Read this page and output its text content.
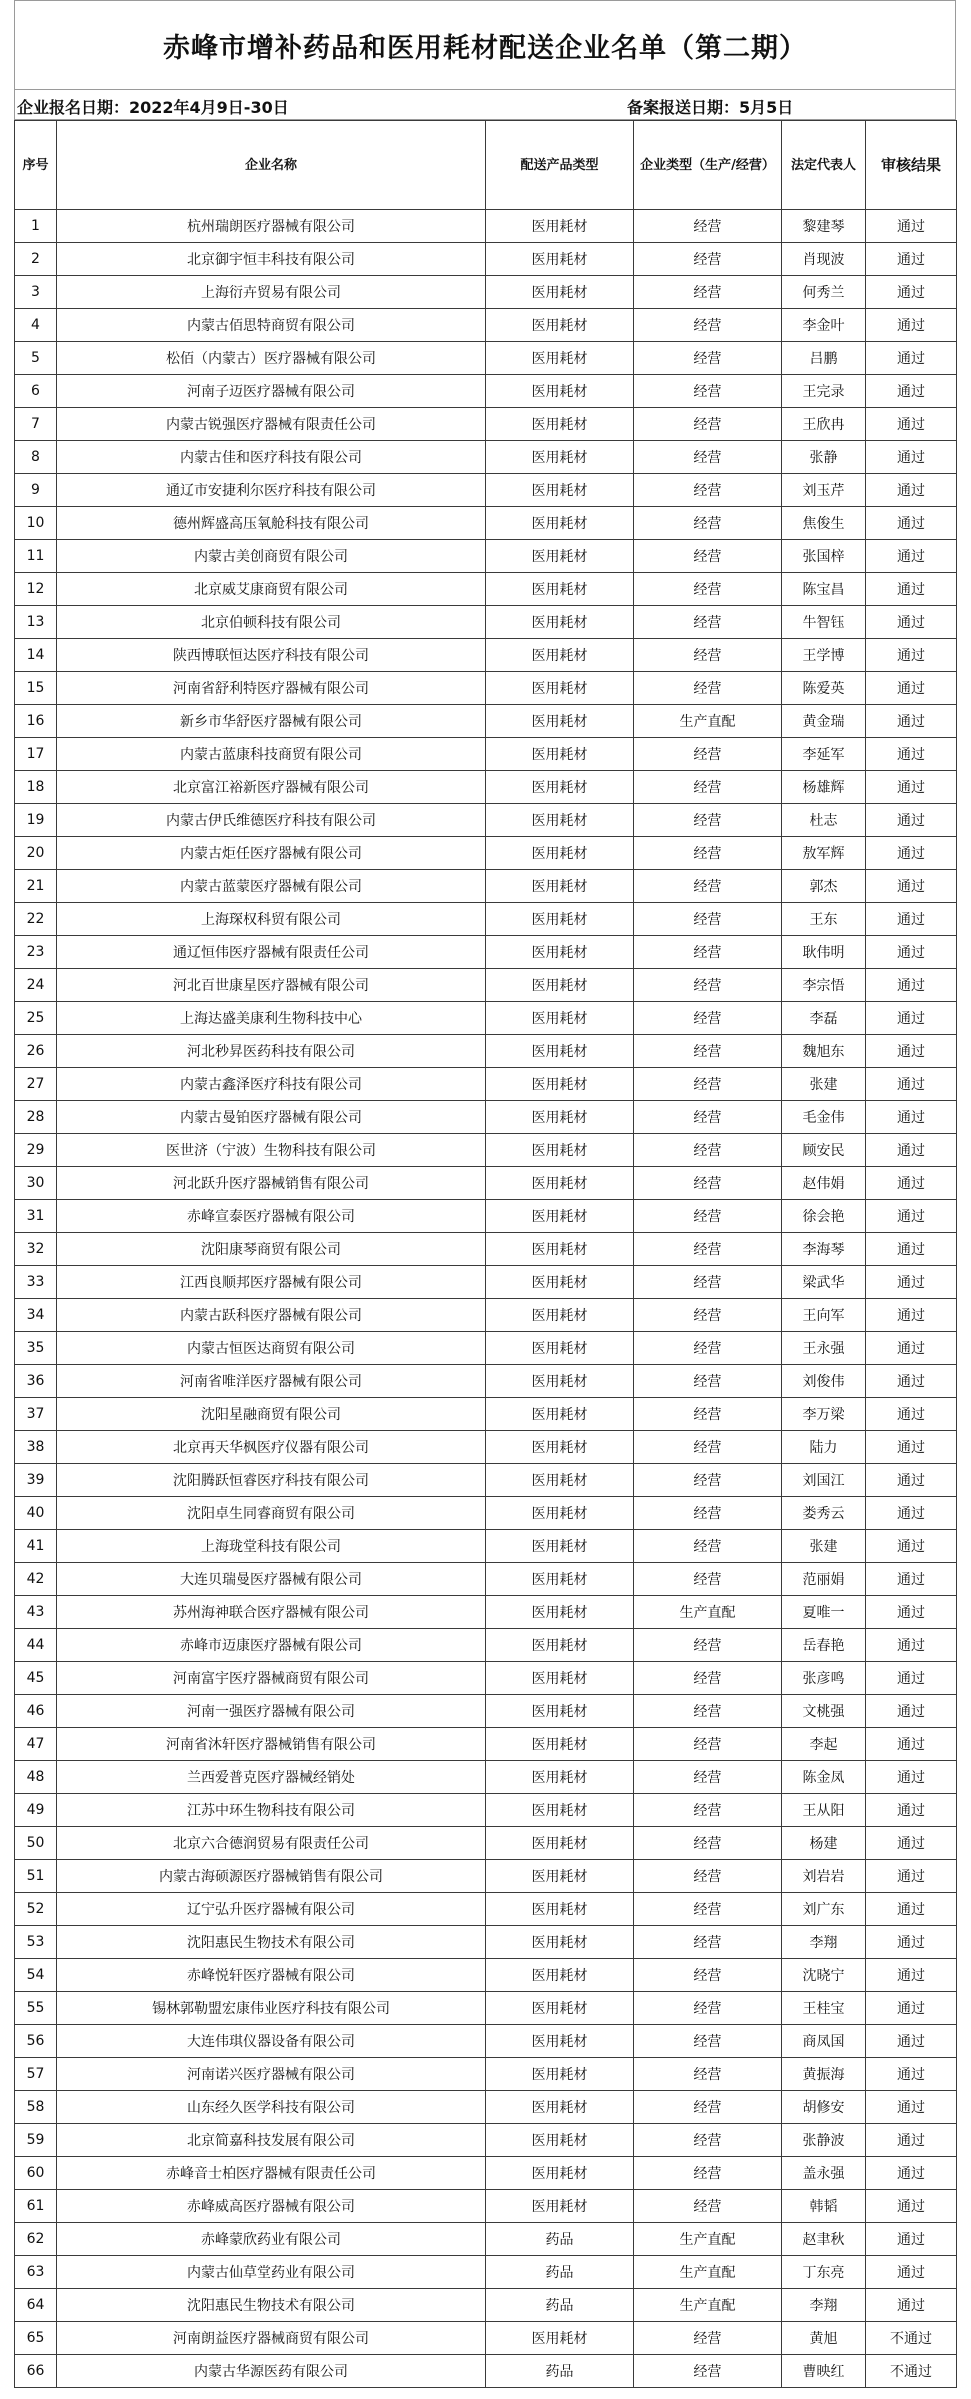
赤峰市增补药品和医用耗材配送企业名单（第二期）
企业报名日期：2022年4月9日-30日	备案报送日期：5月5日
序号	企业名称	配送产品类型	企业类型（生产/经营）	法定代表人	审核结果
1	杭州瑞朗医疗器械有限公司	医用耗材	经营	黎建琴	通过
2	北京御宇恒丰科技有限公司	医用耗材	经营	肖现波	通过
3	上海衍卉贸易有限公司	医用耗材	经营	何秀兰	通过
4	内蒙古佰思特商贸有限公司	医用耗材	经营	李金叶	通过
5	松佰（内蒙古）医疗器械有限公司	医用耗材	经营	吕鹏	通过
6	河南子迈医疗器械有限公司	医用耗材	经营	王完录	通过
7	内蒙古锐强医疗器械有限责任公司	医用耗材	经营	王欣冉	通过
8	内蒙古佳和医疗科技有限公司	医用耗材	经营	张静	通过
9	通辽市安捷利尔医疗科技有限公司	医用耗材	经营	刘玉芹	通过
10	德州辉盛高压氧舱科技有限公司	医用耗材	经营	焦俊生	通过
11	内蒙古美创商贸有限公司	医用耗材	经营	张国梓	通过
12	北京威艾康商贸有限公司	医用耗材	经营	陈宝昌	通过
13	北京伯顿科技有限公司	医用耗材	经营	牛智钰	通过
14	陕西博联恒达医疗科技有限公司	医用耗材	经营	王学博	通过
15	河南省舒利特医疗器械有限公司	医用耗材	经营	陈爱英	通过
16	新乡市华舒医疗器械有限公司	医用耗材	生产直配	黄金瑞	通过
17	内蒙古蓝康科技商贸有限公司	医用耗材	经营	李延军	通过
18	北京富江裕新医疗器械有限公司	医用耗材	经营	杨雄辉	通过
19	内蒙古伊氏维德医疗科技有限公司	医用耗材	经营	杜志	通过
20	内蒙古炬任医疗器械有限公司	医用耗材	经营	敖军辉	通过
21	内蒙古蓝蒙医疗器械有限公司	医用耗材	经营	郭杰	通过
22	上海琛权科贸有限公司	医用耗材	经营	王东	通过
23	通辽恒伟医疗器械有限责任公司	医用耗材	经营	耿伟明	通过
24	河北百世康星医疗器械有限公司	医用耗材	经营	李宗悟	通过
25	上海达盛美康利生物科技中心	医用耗材	经营	李磊	通过
26	河北秒昇医药科技有限公司	医用耗材	经营	魏旭东	通过
27	内蒙古鑫泽医疗科技有限公司	医用耗材	经营	张建	通过
28	内蒙古曼铂医疗器械有限公司	医用耗材	经营	毛金伟	通过
29	医世济（宁波）生物科技有限公司	医用耗材	经营	顾安民	通过
30	河北跃升医疗器械销售有限公司	医用耗材	经营	赵伟娟	通过
31	赤峰宣泰医疗器械有限公司	医用耗材	经营	徐会艳	通过
32	沈阳康琴商贸有限公司	医用耗材	经营	李海琴	通过
33	江西良顺邦医疗器械有限公司	医用耗材	经营	梁武华	通过
34	内蒙古跃科医疗器械有限公司	医用耗材	经营	王向军	通过
35	内蒙古恒医达商贸有限公司	医用耗材	经营	王永强	通过
36	河南省唯洋医疗器械有限公司	医用耗材	经营	刘俊伟	通过
37	沈阳星融商贸有限公司	医用耗材	经营	李万梁	通过
38	北京再天华枫医疗仪器有限公司	医用耗材	经营	陆力	通过
39	沈阳腾跃恒睿医疗科技有限公司	医用耗材	经营	刘国江	通过
40	沈阳卓生同睿商贸有限公司	医用耗材	经营	娄秀云	通过
41	上海珑堂科技有限公司	医用耗材	经营	张建	通过
42	大连贝瑞曼医疗器械有限公司	医用耗材	经营	范丽娟	通过
43	苏州海神联合医疗器械有限公司	医用耗材	生产直配	夏唯一	通过
44	赤峰市迈康医疗器械有限公司	医用耗材	经营	岳春艳	通过
45	河南富宇医疗器械商贸有限公司	医用耗材	经营	张彦鸣	通过
46	河南一强医疗器械有限公司	医用耗材	经营	文桃强	通过
47	河南省沐轩医疗器械销售有限公司	医用耗材	经营	李起	通过
48	兰西爱普克医疗器械经销处	医用耗材	经营	陈金凤	通过
49	江苏中环生物科技有限公司	医用耗材	经营	王从阳	通过
50	北京六合德润贸易有限责任公司	医用耗材	经营	杨建	通过
51	内蒙古海硕源医疗器械销售有限公司	医用耗材	经营	刘岩岩	通过
52	辽宁弘升医疗器械有限公司	医用耗材	经营	刘广东	通过
53	沈阳惠民生物技术有限公司	医用耗材	经营	李翔	通过
54	赤峰悦轩医疗器械有限公司	医用耗材	经营	沈晓宁	通过
55	锡林郭勒盟宏康伟业医疗科技有限公司	医用耗材	经营	王桂宝	通过
56	大连伟琪仪器设备有限公司	医用耗材	经营	商凤国	通过
57	河南诺兴医疗器械有限公司	医用耗材	经营	黄振海	通过
58	山东经久医学科技有限公司	医用耗材	经营	胡修安	通过
59	北京简嘉科技发展有限公司	医用耗材	经营	张静波	通过
60	赤峰音士柏医疗器械有限责任公司	医用耗材	经营	盖永强	通过
61	赤峰威高医疗器械有限公司	医用耗材	经营	韩韬	通过
62	赤峰蒙欣药业有限公司	药品	生产直配	赵聿秋	通过
63	内蒙古仙草堂药业有限公司	药品	生产直配	丁东亮	通过
64	沈阳惠民生物技术有限公司	药品	生产直配	李翔	通过
65	河南朗益医疗器械商贸有限公司	医用耗材	经营	黄旭	不通过
66	内蒙古华源医药有限公司	药品	经营	曹映红	不通过
